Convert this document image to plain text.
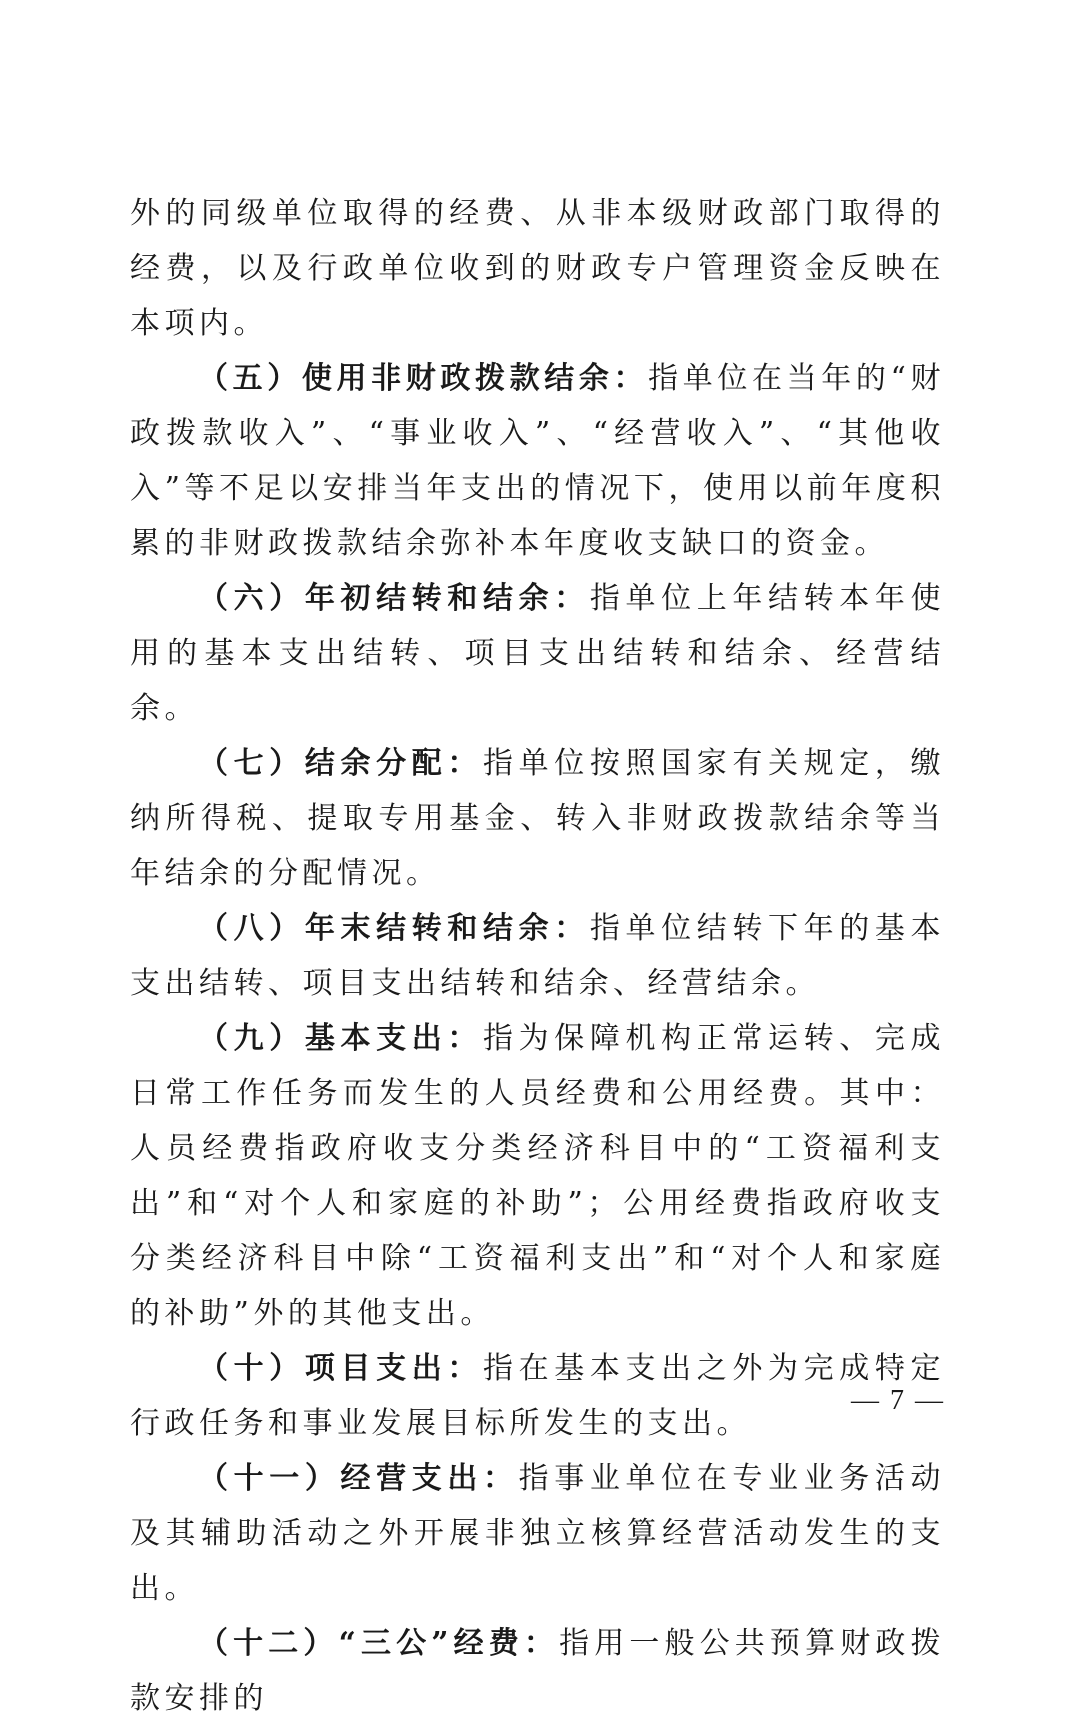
外的同级单位取得的经费、从非本级财政部门取得的经费，以及行政单位收到的财政专户管理资金反映在本项内。

（五）使用非财政拨款结余：指单位在当年的“财政拨款收入”、“事业收入”、“经营收入”、“其他收入”等不足以安排当年支出的情况下，使用以前年度积累的非财政拨款结余弥补本年度收支缺口的资金。

（六）年初结转和结余：指单位上年结转本年使用的基本支出结转、项目支出结转和结余、经营结余。

（七）结余分配：指单位按照国家有关规定，缴纳所得税、提取专用基金、转入非财政拨款结余等当年结余的分配情况。

（八）年末结转和结余：指单位结转下年的基本支出结转、项目支出结转和结余、经营结余。

（九）基本支出：指为保障机构正常运转、完成日常工作任务而发生的人员经费和公用经费。其中：人员经费指政府收支分类经济科目中的“工资福利支出”和“对个人和家庭的补助”；公用经费指政府收支分类经济科目中除“工资福利支出”和“对个人和家庭的补助”外的其他支出。

（十）项目支出：指在基本支出之外为完成特定行政任务和事业发展目标所发生的支出。

（十一）经营支出：指事业单位在专业业务活动及其辅助活动之外开展非独立核算经营活动发生的支出。

（十二）“三公”经费：指用一般公共预算财政拨款安排的

— 7 —
